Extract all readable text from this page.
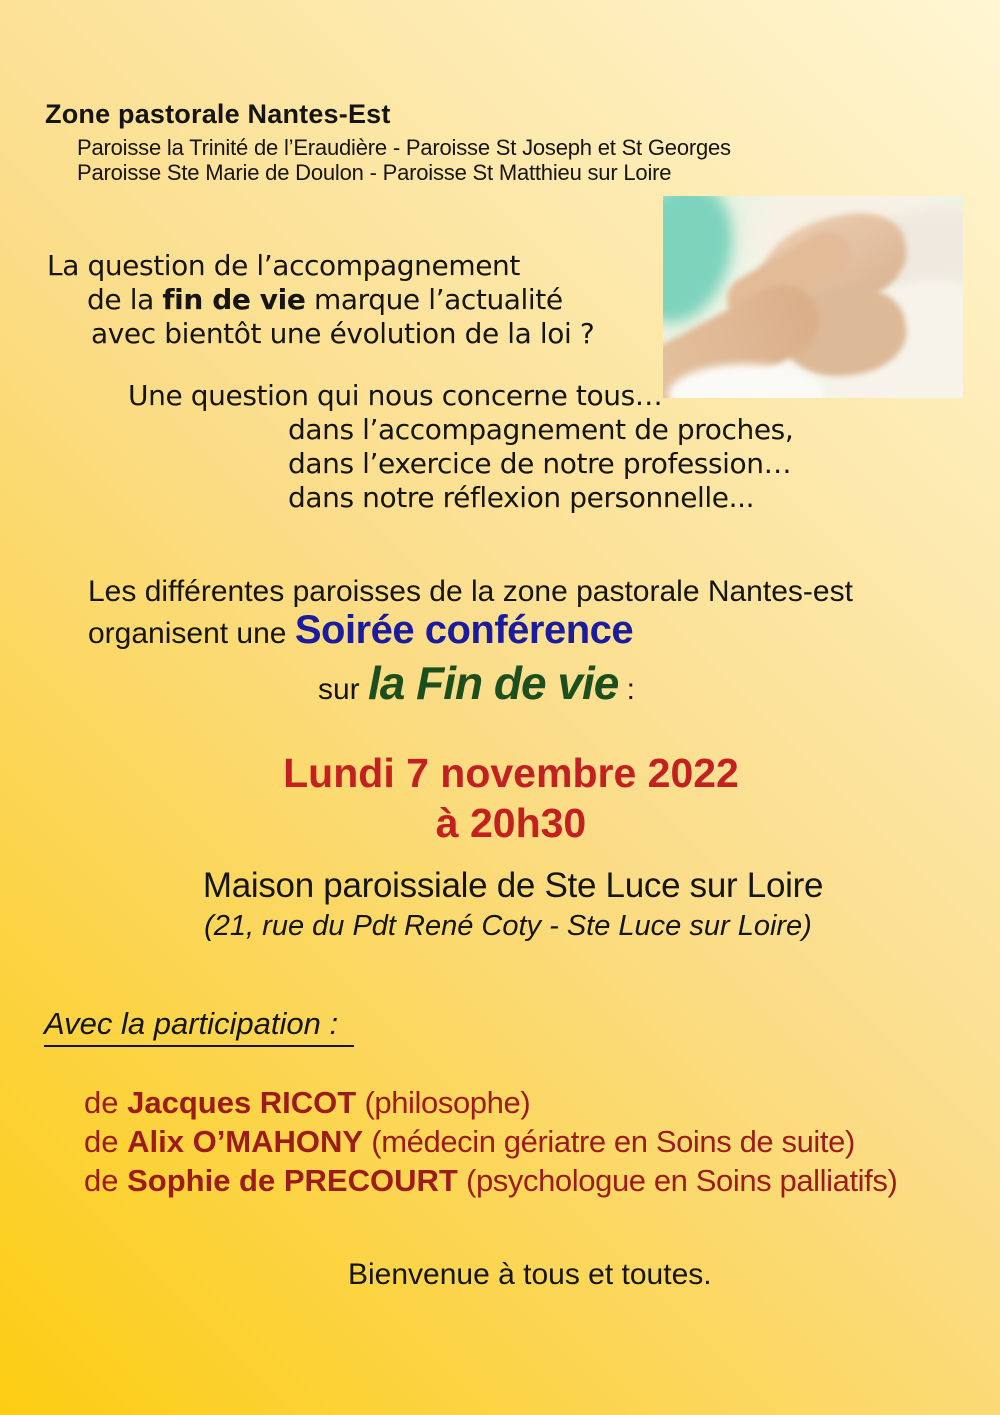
Zone pastorale Nantes-Est
Paroisse la Trinité de l’Eraudière - Paroisse St Joseph et St Georges
Paroisse Ste Marie de Doulon - Paroisse St Matthieu sur Loire
La question de l’accompagnement
de la fin de vie marque l’actualité
avec bientôt une évolution de la loi ?
Une question qui nous concerne tous…
dans l’accompagnement de proches,
dans l’exercice de notre profession…
dans notre réflexion personnelle...
Les différentes paroisses de la zone pastorale Nantes-est
organisent une Soirée conférence
sur la Fin de vie :
Lundi 7 novembre 2022
à 20h30
Maison paroissiale de Ste Luce sur Loire
(21, rue du Pdt René Coty - Ste Luce sur Loire)
Avec la participation :
de Jacques RICOT (philosophe)
de Alix O’MAHONY (médecin gériatre en Soins de suite)
de Sophie de PRECOURT (psychologue en Soins palliatifs)
Bienvenue à tous et toutes.
